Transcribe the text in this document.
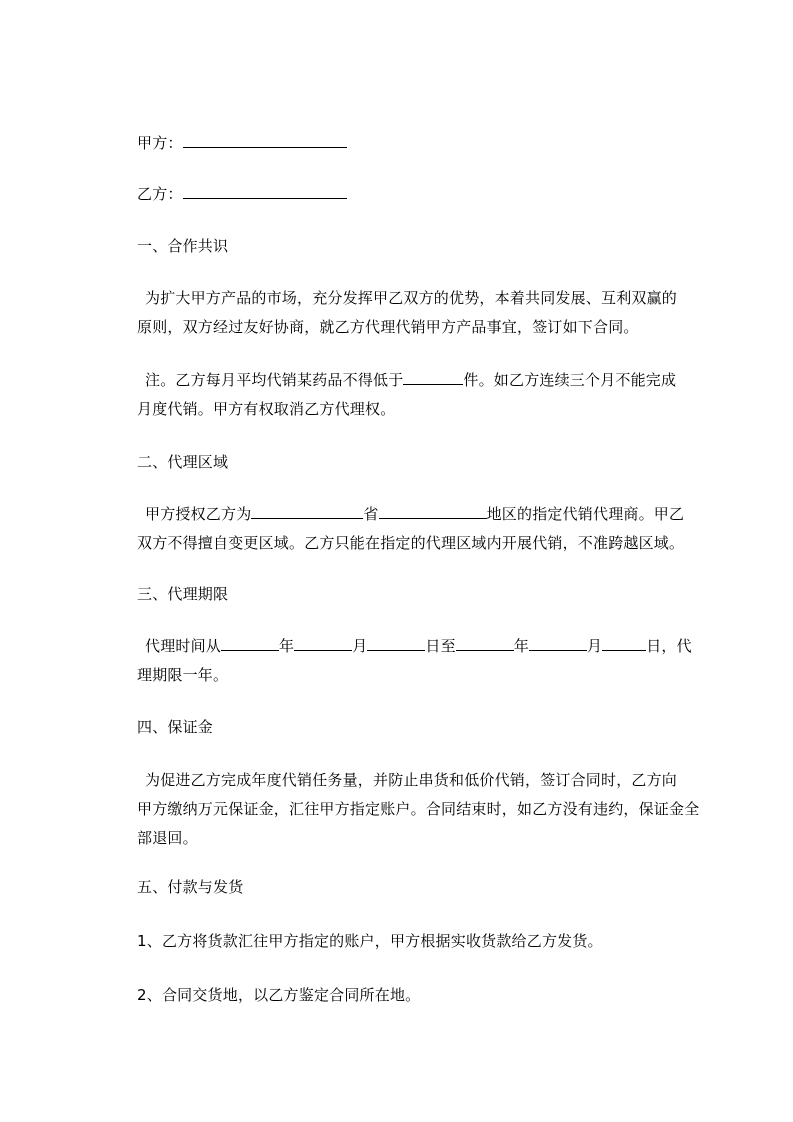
甲方：
乙方：
一、合作共识
为扩大甲方产品的市场，充分发挥甲乙双方的优势，本着共同发展、互利双赢的
原则，双方经过友好协商，就乙方代理代销甲方产品事宜，签订如下合同。
注。乙方每月平均代销某药品不得低于	件。如乙方连续三个月不能完成
月度代销。甲方有权取消乙方代理权。
二、代理区域
甲方授权乙方为	省	地区的指定代销代理商。甲乙
双方不得擅自变更区域。乙方只能在指定的代理区域内开展代销，不准跨越区域。
三、代理期限
代理时间从	年	月	日至	年	月	日，代
理期限一年。
四、保证金
为促进乙方完成年度代销任务量，并防止串货和低价代销，签订合同时，乙方向
甲方缴纳万元保证金，汇往甲方指定账户。合同结束时，如乙方没有违约，保证金全
部退回。
五、付款与发货
1、乙方将货款汇往甲方指定的账户，甲方根据实收货款给乙方发货。
2、合同交货地，以乙方鉴定合同所在地。
